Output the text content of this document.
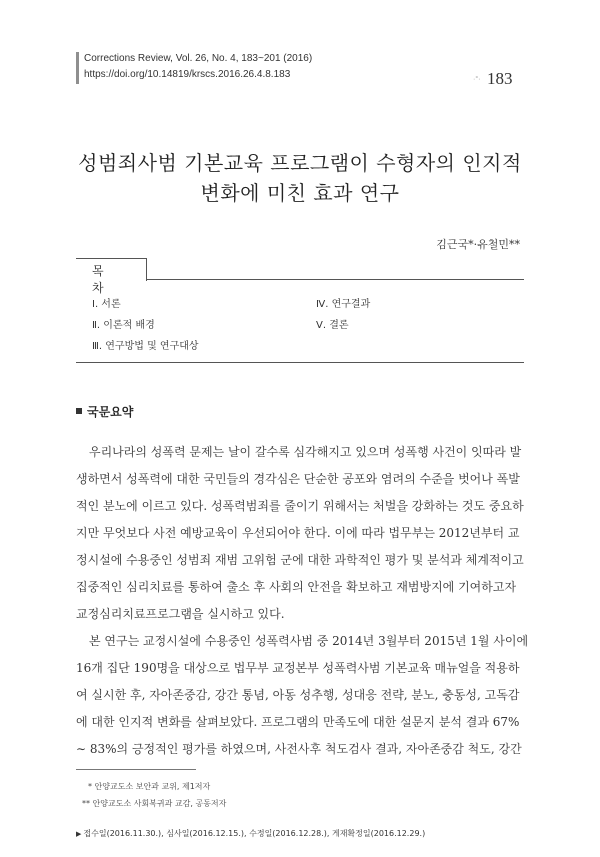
Corrections Review, Vol. 26, No. 4, 183~201 (2016)
https://doi.org/10.14819/krscs.2016.26.4.8.183	·°· 183
성범죄사범 기본교육 프로그램이 수형자의 인지적
변화에 미친 효과 연구
김근국*·유철민**
목 차
Ⅰ. 서론
Ⅱ. 이론적 배경
Ⅲ. 연구방법 및 연구대상
Ⅳ. 연구결과
Ⅴ. 결론
국문요약
우리나라의 성폭력 문제는 날이 갈수록 심각해지고 있으며 성폭행 사건이 잇따라 발
생하면서 성폭력에 대한 국민들의 경각심은 단순한 공포와 염려의 수준을 벗어나 폭발
적인 분노에 이르고 있다. 성폭력범죄를 줄이기 위해서는 처벌을 강화하는 것도 중요하
지만 무엇보다 사전 예방교육이 우선되어야 한다. 이에 따라 법무부는 2012년부터 교
정시설에 수용중인 성범죄 재범 고위험 군에 대한 과학적인 평가 및 분석과 체계적이고
집중적인 심리치료를 통하여 출소 후 사회의 안전을 확보하고 재범방지에 기여하고자
교정심리치료프로그램을 실시하고 있다.
본 연구는 교정시설에 수용중인 성폭력사범 중 2014년 3월부터 2015년 1월 사이에
16개 집단 190명을 대상으로 법무부 교정본부 성폭력사범 기본교육 매뉴얼을 적용하
여 실시한 후, 자아존중감, 강간 통념, 아동 성추행, 성대응 전략, 분노, 충동성, 고독감
에 대한 인지적 변화를 살펴보았다. 프로그램의 만족도에 대한 설문지 분석 결과 67%
∼ 83%의 긍정적인 평가를 하였으며, 사전사후 척도검사 결과, 자아존중감 척도, 강간
* 안양교도소 보안과 교위, 제1저자
** 안양교도소 사회복귀과 교감, 공동저자
▶ 접수일(2016.11.30.), 심사일(2016.12.15.), 수정일(2016.12.28.), 게재확정일(2016.12.29.)
